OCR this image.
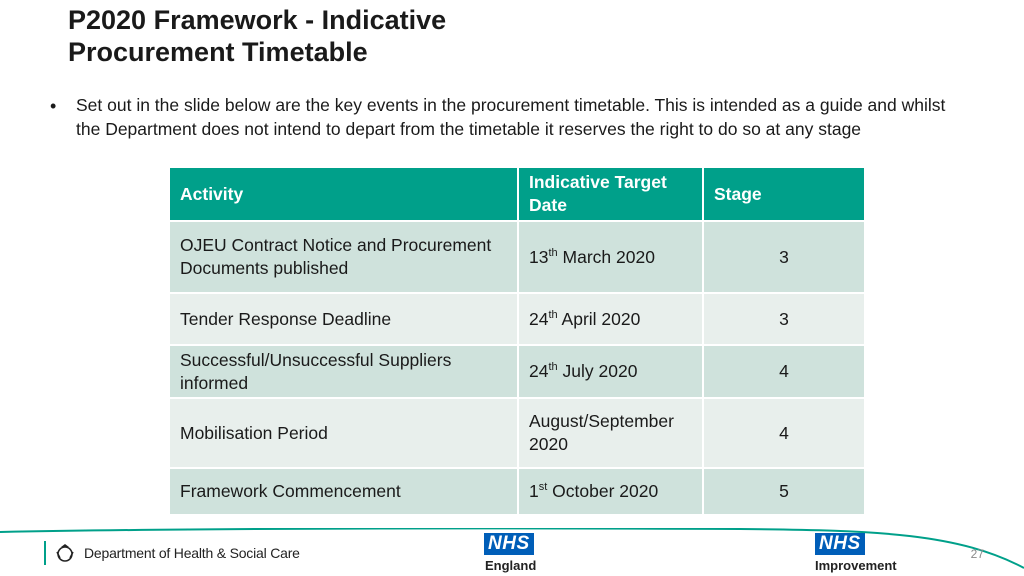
P2020 Framework - Indicative
Procurement Timetable
• Set out in the slide below are the key events in the procurement timetable. This is intended as a guide and whilst the Department does not intend to depart from the timetable it reserves the right to do so at any stage
Activity	Indicative Target Date	Stage
OJEU Contract Notice and Procurement Documents published	13th March 2020	3
Tender Response Deadline	24th April 2020	3
Successful/Unsuccessful Suppliers informed	24th July 2020	4
Mobilisation Period	August/September 2020	4
Framework Commencement	1st October 2020	5
Department of Health & Social Care	NHS
England
NHS
Improvement
27
